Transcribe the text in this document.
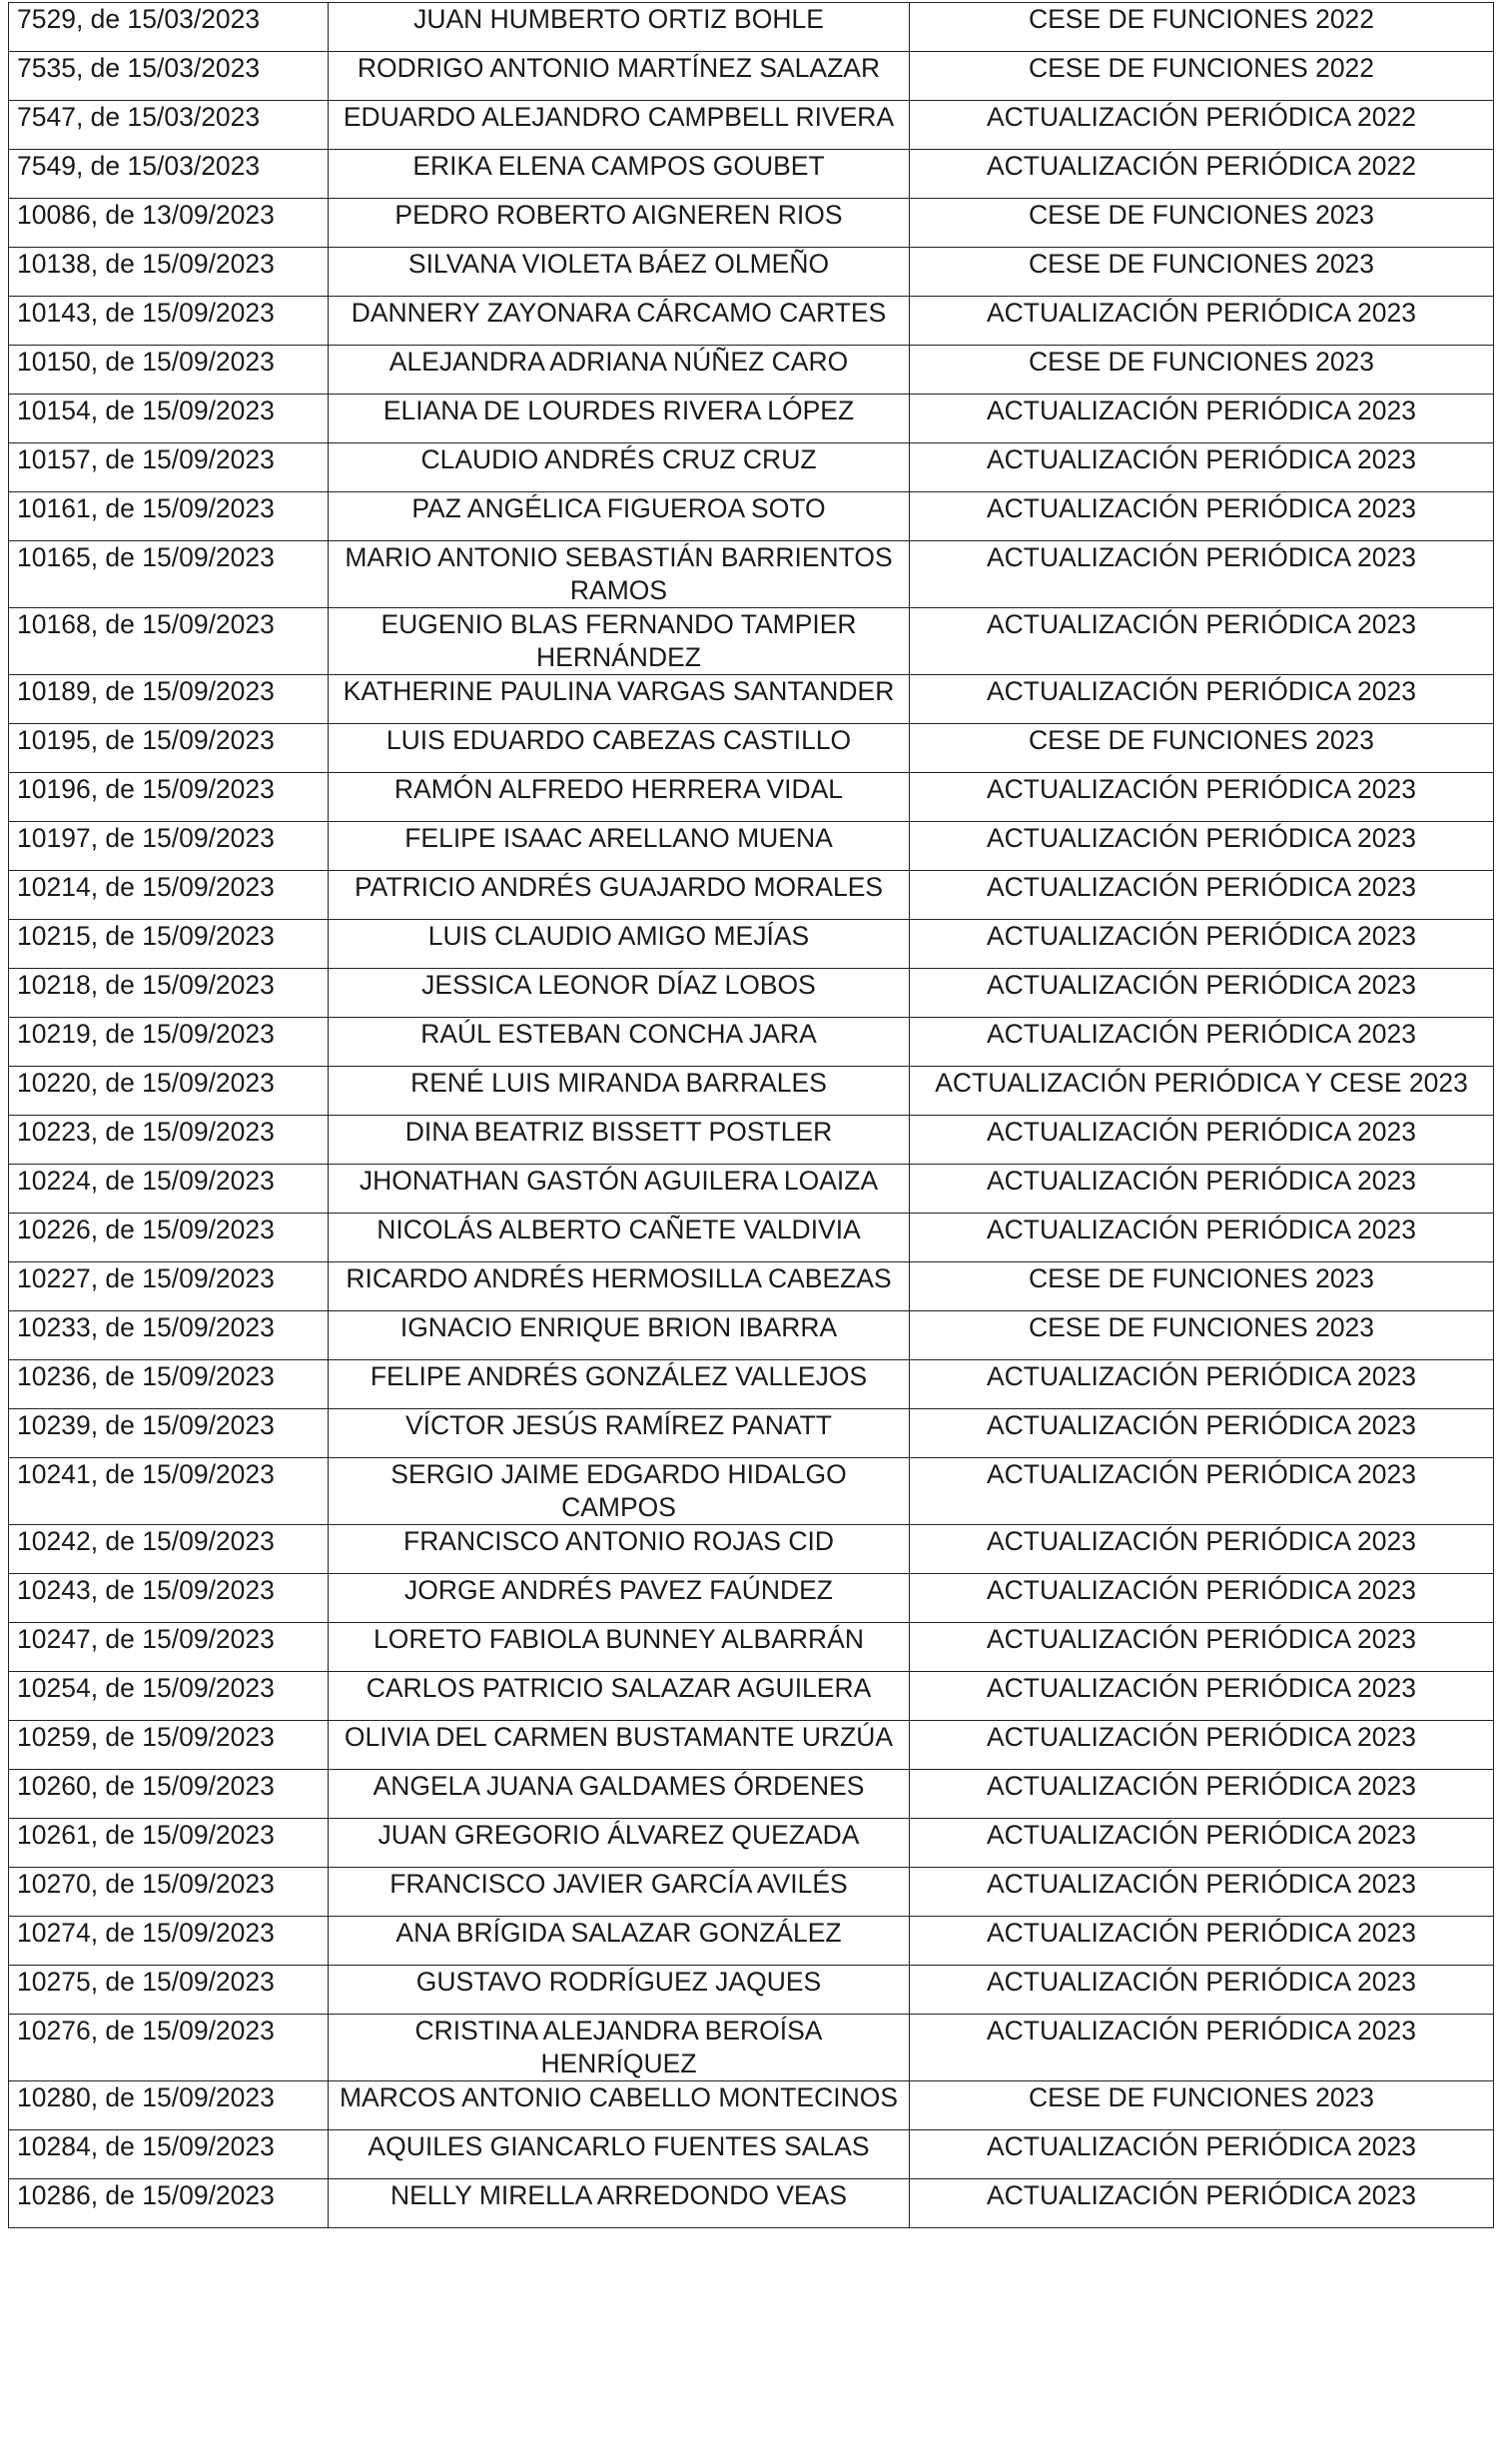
7529, de 15/03/2023	JUAN HUMBERTO ORTIZ BOHLE	CESE DE FUNCIONES 2022
7535, de 15/03/2023	RODRIGO ANTONIO MARTÍNEZ SALAZAR	CESE DE FUNCIONES 2022
7547, de 15/03/2023	EDUARDO ALEJANDRO CAMPBELL RIVERA	ACTUALIZACIÓN PERIÓDICA 2022
7549, de 15/03/2023	ERIKA ELENA CAMPOS GOUBET	ACTUALIZACIÓN PERIÓDICA 2022
10086, de 13/09/2023	PEDRO ROBERTO AIGNEREN RIOS	CESE DE FUNCIONES 2023
10138, de 15/09/2023	SILVANA VIOLETA BÁEZ OLMEÑO	CESE DE FUNCIONES 2023
10143, de 15/09/2023	DANNERY ZAYONARA CÁRCAMO CARTES	ACTUALIZACIÓN PERIÓDICA 2023
10150, de 15/09/2023	ALEJANDRA ADRIANA NÚÑEZ CARO	CESE DE FUNCIONES 2023
10154, de 15/09/2023	ELIANA DE LOURDES RIVERA LÓPEZ	ACTUALIZACIÓN PERIÓDICA 2023
10157, de 15/09/2023	CLAUDIO ANDRÉS CRUZ CRUZ	ACTUALIZACIÓN PERIÓDICA 2023
10161, de 15/09/2023	PAZ ANGÉLICA FIGUEROA SOTO	ACTUALIZACIÓN PERIÓDICA 2023
10165, de 15/09/2023	MARIO ANTONIO SEBASTIÁN BARRIENTOS RAMOS	ACTUALIZACIÓN PERIÓDICA 2023
10168, de 15/09/2023	EUGENIO BLAS FERNANDO TAMPIER HERNÁNDEZ	ACTUALIZACIÓN PERIÓDICA 2023
10189, de 15/09/2023	KATHERINE PAULINA VARGAS SANTANDER	ACTUALIZACIÓN PERIÓDICA 2023
10195, de 15/09/2023	LUIS EDUARDO CABEZAS CASTILLO	CESE DE FUNCIONES 2023
10196, de 15/09/2023	RAMÓN ALFREDO HERRERA VIDAL	ACTUALIZACIÓN PERIÓDICA 2023
10197, de 15/09/2023	FELIPE ISAAC ARELLANO MUENA	ACTUALIZACIÓN PERIÓDICA 2023
10214, de 15/09/2023	PATRICIO ANDRÉS GUAJARDO MORALES	ACTUALIZACIÓN PERIÓDICA 2023
10215, de 15/09/2023	LUIS CLAUDIO AMIGO MEJÍAS	ACTUALIZACIÓN PERIÓDICA 2023
10218, de 15/09/2023	JESSICA LEONOR DÍAZ LOBOS	ACTUALIZACIÓN PERIÓDICA 2023
10219, de 15/09/2023	RAÚL ESTEBAN CONCHA JARA	ACTUALIZACIÓN PERIÓDICA 2023
10220, de 15/09/2023	RENÉ LUIS MIRANDA BARRALES	ACTUALIZACIÓN PERIÓDICA Y CESE 2023
10223, de 15/09/2023	DINA BEATRIZ BISSETT POSTLER	ACTUALIZACIÓN PERIÓDICA 2023
10224, de 15/09/2023	JHONATHAN GASTÓN AGUILERA LOAIZA	ACTUALIZACIÓN PERIÓDICA 2023
10226, de 15/09/2023	NICOLÁS ALBERTO CAÑETE VALDIVIA	ACTUALIZACIÓN PERIÓDICA 2023
10227, de 15/09/2023	RICARDO ANDRÉS HERMOSILLA CABEZAS	CESE DE FUNCIONES 2023
10233, de 15/09/2023	IGNACIO ENRIQUE BRION IBARRA	CESE DE FUNCIONES 2023
10236, de 15/09/2023	FELIPE ANDRÉS GONZÁLEZ VALLEJOS	ACTUALIZACIÓN PERIÓDICA 2023
10239, de 15/09/2023	VÍCTOR JESÚS RAMÍREZ PANATT	ACTUALIZACIÓN PERIÓDICA 2023
10241, de 15/09/2023	SERGIO JAIME EDGARDO HIDALGO CAMPOS	ACTUALIZACIÓN PERIÓDICA 2023
10242, de 15/09/2023	FRANCISCO ANTONIO ROJAS CID	ACTUALIZACIÓN PERIÓDICA 2023
10243, de 15/09/2023	JORGE ANDRÉS PAVEZ FAÚNDEZ	ACTUALIZACIÓN PERIÓDICA 2023
10247, de 15/09/2023	LORETO FABIOLA BUNNEY ALBARRÁN	ACTUALIZACIÓN PERIÓDICA 2023
10254, de 15/09/2023	CARLOS PATRICIO SALAZAR AGUILERA	ACTUALIZACIÓN PERIÓDICA 2023
10259, de 15/09/2023	OLIVIA DEL CARMEN BUSTAMANTE URZÚA	ACTUALIZACIÓN PERIÓDICA 2023
10260, de 15/09/2023	ANGELA JUANA GALDAMES ÓRDENES	ACTUALIZACIÓN PERIÓDICA 2023
10261, de 15/09/2023	JUAN GREGORIO ÁLVAREZ QUEZADA	ACTUALIZACIÓN PERIÓDICA 2023
10270, de 15/09/2023	FRANCISCO JAVIER GARCÍA AVILÉS	ACTUALIZACIÓN PERIÓDICA 2023
10274, de 15/09/2023	ANA BRÍGIDA SALAZAR GONZÁLEZ	ACTUALIZACIÓN PERIÓDICA 2023
10275, de 15/09/2023	GUSTAVO RODRÍGUEZ JAQUES	ACTUALIZACIÓN PERIÓDICA 2023
10276, de 15/09/2023	CRISTINA ALEJANDRA BEROÍSA HENRÍQUEZ	ACTUALIZACIÓN PERIÓDICA 2023
10280, de 15/09/2023	MARCOS ANTONIO CABELLO MONTECINOS	CESE DE FUNCIONES 2023
10284, de 15/09/2023	AQUILES GIANCARLO FUENTES SALAS	ACTUALIZACIÓN PERIÓDICA 2023
10286, de 15/09/2023	NELLY MIRELLA ARREDONDO VEAS	ACTUALIZACIÓN PERIÓDICA 2023
